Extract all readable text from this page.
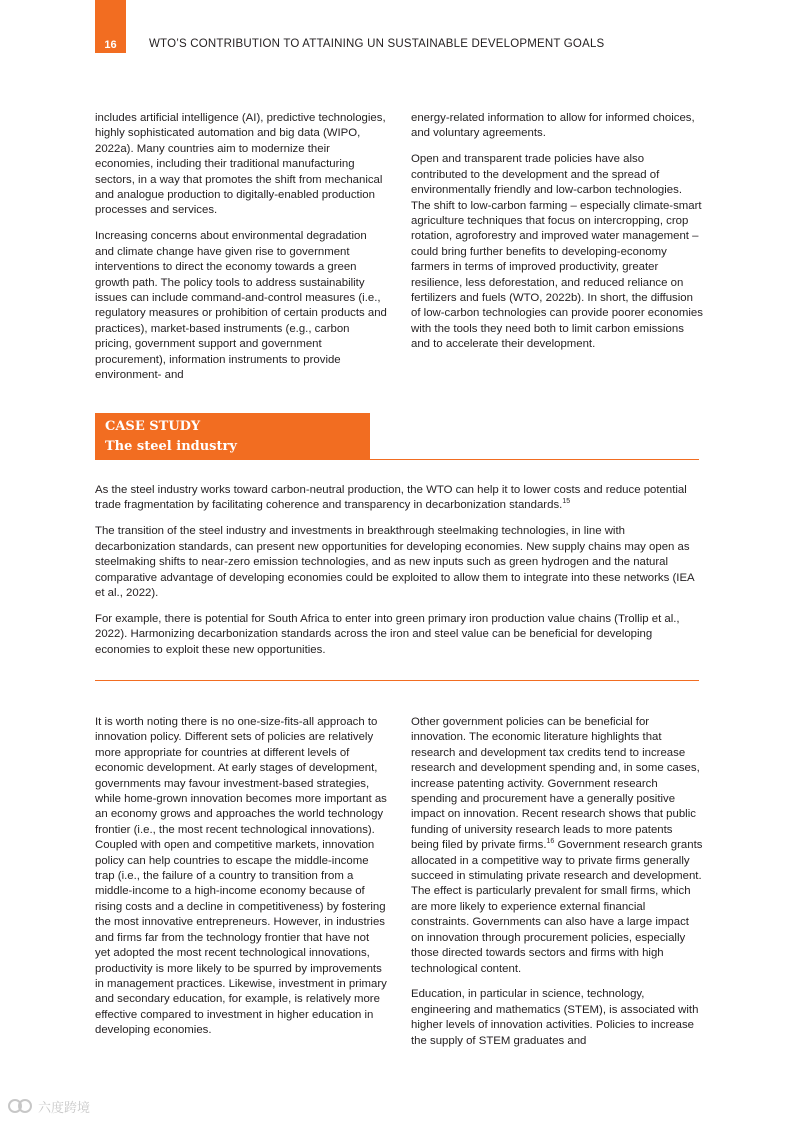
16	WTO’S CONTRIBUTION TO ATTAINING UN SUSTAINABLE DEVELOPMENT GOALS

includes artificial intelligence (AI), predictive technologies, highly sophisticated automation and big data (WIPO, 2022a). Many countries aim to modernize their economies, including their traditional manufacturing sectors, in a way that promotes the shift from mechanical and analogue production to digitally-enabled production processes and services.

Increasing concerns about environmental degradation and climate change have given rise to government interventions to direct the economy towards a green growth path. The policy tools to address sustainability issues can include command-and-control measures (i.e., regulatory measures or prohibition of certain products and practices), market-based instruments (e.g., carbon pricing, government support and government procurement), information instruments to provide environment- and

energy-related information to allow for informed choices, and voluntary agreements.

Open and transparent trade policies have also contributed to the development and the spread of environmentally friendly and low-carbon technologies. The shift to low-carbon farming – especially climate-smart agriculture techniques that focus on intercropping, crop rotation, agroforestry and improved water management – could bring further benefits to developing-economy farmers in terms of improved productivity, greater resilience, less deforestation, and reduced reliance on fertilizers and fuels (WTO, 2022b). In short, the diffusion of low-carbon technologies can provide poorer economies with the tools they need both to limit carbon emissions and to accelerate their development.

CASE STUDY
The steel industry

As the steel industry works toward carbon-neutral production, the WTO can help it to lower costs and reduce potential trade fragmentation by facilitating coherence and transparency in decarbonization standards.$^{15}$

The transition of the steel industry and investments in breakthrough steelmaking technologies, in line with decarbonization standards, can present new opportunities for developing economies. New supply chains may open as steelmaking shifts to near-zero emission technologies, and as new inputs such as green hydrogen and the natural comparative advantage of developing economies could be exploited to allow them to integrate into these networks (IEA et al., 2022).

For example, there is potential for South Africa to enter into green primary iron production value chains (Trollip et al., 2022). Harmonizing decarbonization standards across the iron and steel value can be beneficial for developing economies to exploit these new opportunities.

It is worth noting there is no one-size-fits-all approach to innovation policy. Different sets of policies are relatively more appropriate for countries at different levels of economic development. At early stages of development, governments may favour investment-based strategies, while home-grown innovation becomes more important as an economy grows and approaches the world technology frontier (i.e., the most recent technological innovations). Coupled with open and competitive markets, innovation policy can help countries to escape the middle-income trap (i.e., the failure of a country to transition from a middle-income to a high-income economy because of rising costs and a decline in competitiveness) by fostering the most innovative entrepreneurs. However, in industries and firms far from the technology frontier that have not yet adopted the most recent technological innovations, productivity is more likely to be spurred by improvements in management practices. Likewise, investment in primary and secondary education, for example, is relatively more effective compared to investment in higher education in developing economies.

Other government policies can be beneficial for innovation. The economic literature highlights that research and development tax credits tend to increase research and development spending and, in some cases, increase patenting activity. Government research spending and procurement have a generally positive impact on innovation. Recent research shows that public funding of university research leads to more patents being filed by private firms.$^{16}$ Government research grants allocated in a competitive way to private firms generally succeed in stimulating private research and development. The effect is particularly prevalent for small firms, which are more likely to experience external financial constraints. Governments can also have a large impact on innovation through procurement policies, especially those directed towards sectors and firms with high technological content.

Education, in particular in science, technology, engineering and mathematics (STEM), is associated with higher levels of innovation activities. Policies to increase the supply of STEM graduates and

六度跨境
